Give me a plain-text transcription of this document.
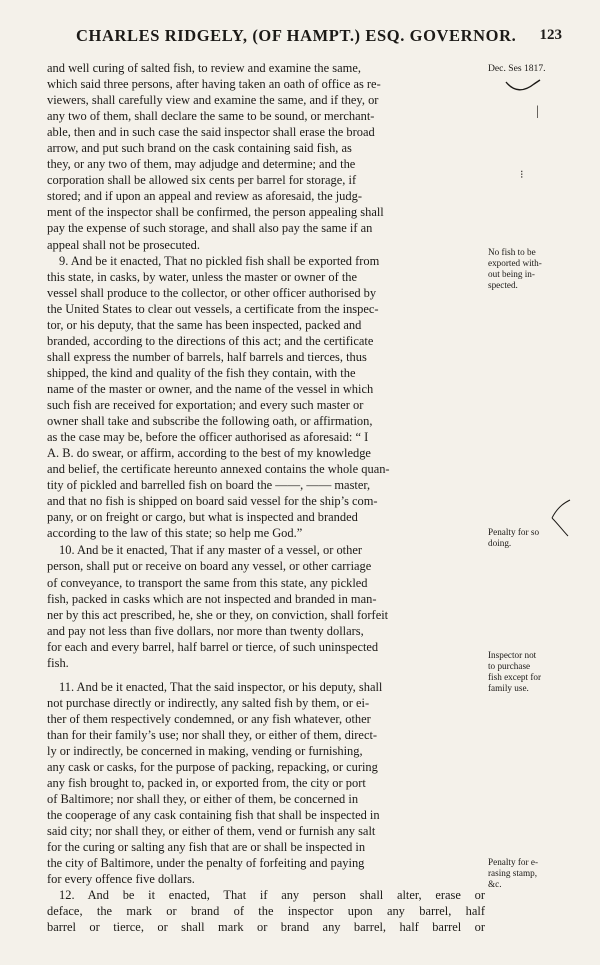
CHARLES RIDGELY, (OF HAMPT.) ESQ. GOVERNOR. 123

and well curing of salted fish, to review and examine the same,
which said three persons, after having taken an oath of office as re-
viewers, shall carefully view and examine the same, and if they, or
any two of them, shall declare the same to be sound, or merchant-
able, then and in such case the said inspector shall erase the broad
arrow, and put such brand on the cask containing said fish, as
they, or any two of them, may adjudge and determine; and the
corporation shall be allowed six cents per barrel for storage, if
stored; and if upon an appeal and review as aforesaid, the judg-
ment of the inspector shall be confirmed, the person appealing shall
pay the expense of such storage, and shall also pay the same if an
appeal shall not be prosecuted.

9. And be it enacted, That no pickled fish shall be exported from
this state, in casks, by water, unless the master or owner of the
vessel shall produce to the collector, or other officer authorised by
the United States to clear out vessels, a certificate from the inspec-
tor, or his deputy, that the same has been inspected, packed and
branded, according to the directions of this act; and the certificate
shall express the number of barrels, half barrels and tierces, thus
shipped, the kind and quality of the fish they contain, with the
name of the master or owner, and the name of the vessel in which
such fish are received for exportation; and every such master or
owner shall take and subscribe the following oath, or affirmation,
as the case may be, before the officer authorised as aforesaid: “ I
A. B. do swear, or affirm, according to the best of my knowledge
and belief, the certificate hereunto annexed contains the whole quan-
tity of pickled and barrelled fish on board the ——, —— master,
and that no fish is shipped on board said vessel for the ship’s com-
pany, or on freight or cargo, but what is inspected and branded
according to the law of this state; so help me God.”

10. And be it enacted, That if any master of a vessel, or other
person, shall put or receive on board any vessel, or other carriage
of conveyance, to transport the same from this state, any pickled
fish, packed in casks which are not inspected and branded in man-
ner by this act prescribed, he, she or they, on conviction, shall forfeit
and pay not less than five dollars, nor more than twenty dollars,
for each and every barrel, half barrel or tierce, of such uninspected
fish.

11. And be it enacted, That the said inspector, or his deputy, shall
not purchase directly or indirectly, any salted fish by them, or ei-
ther of them respectively condemned, or any fish whatever, other
than for their family’s use; nor shall they, or either of them, direct-
ly or indirectly, be concerned in making, vending or furnishing,
any cask or casks, for the purpose of packing, repacking, or curing
any fish brought to, packed in, or exported from, the city or port
of Baltimore; nor shall they, or either of them, be concerned in
the cooperage of any cask containing fish that shall be inspected in
said city; nor shall they, or either of them, vend or furnish any salt
for the curing or salting any fish that are or shall be inspected in
the city of Baltimore, under the penalty of forfeiting and paying
for every offence five dollars.

12. And be it enacted, That if any person shall alter, erase or
deface, the mark or brand of the inspector upon any barrel, half
barrel or tierce, or shall mark or brand any barrel, half barrel or

Dec. Ses 1817.
No fish to be
exported with-
out being in-
spected.
Penalty for so
doing.
Inspector not
to purchase
fish except for
family use.
Penalty for e-
rasing stamp,
&c.
|
⁝
